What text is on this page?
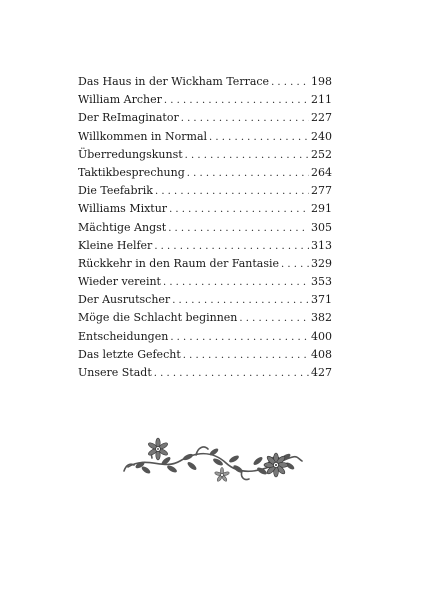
Das Haus in der Wickham Terrace . . .	198
William Archer . . .	211
Der ReImaginator . . .	227
Willkommen in Normal . . .	240
Überredungskunst . . .	252
Taktikbesprechung . . .	264
Die Teefabrik . . .	277
Williams Mixtur . . .	291
Mächtige Angst . . .	305
Kleine Helfer . . .	313
Rückkehr in den Raum der Fantasie . . .	329
Wieder vereint . . .	353
Der Ausrutscher . . .	371
Möge die Schlacht beginnen . . .	382
Entscheidungen . . .	400
Das letzte Gefecht . . .	408
Unsere Stadt . . .	427
